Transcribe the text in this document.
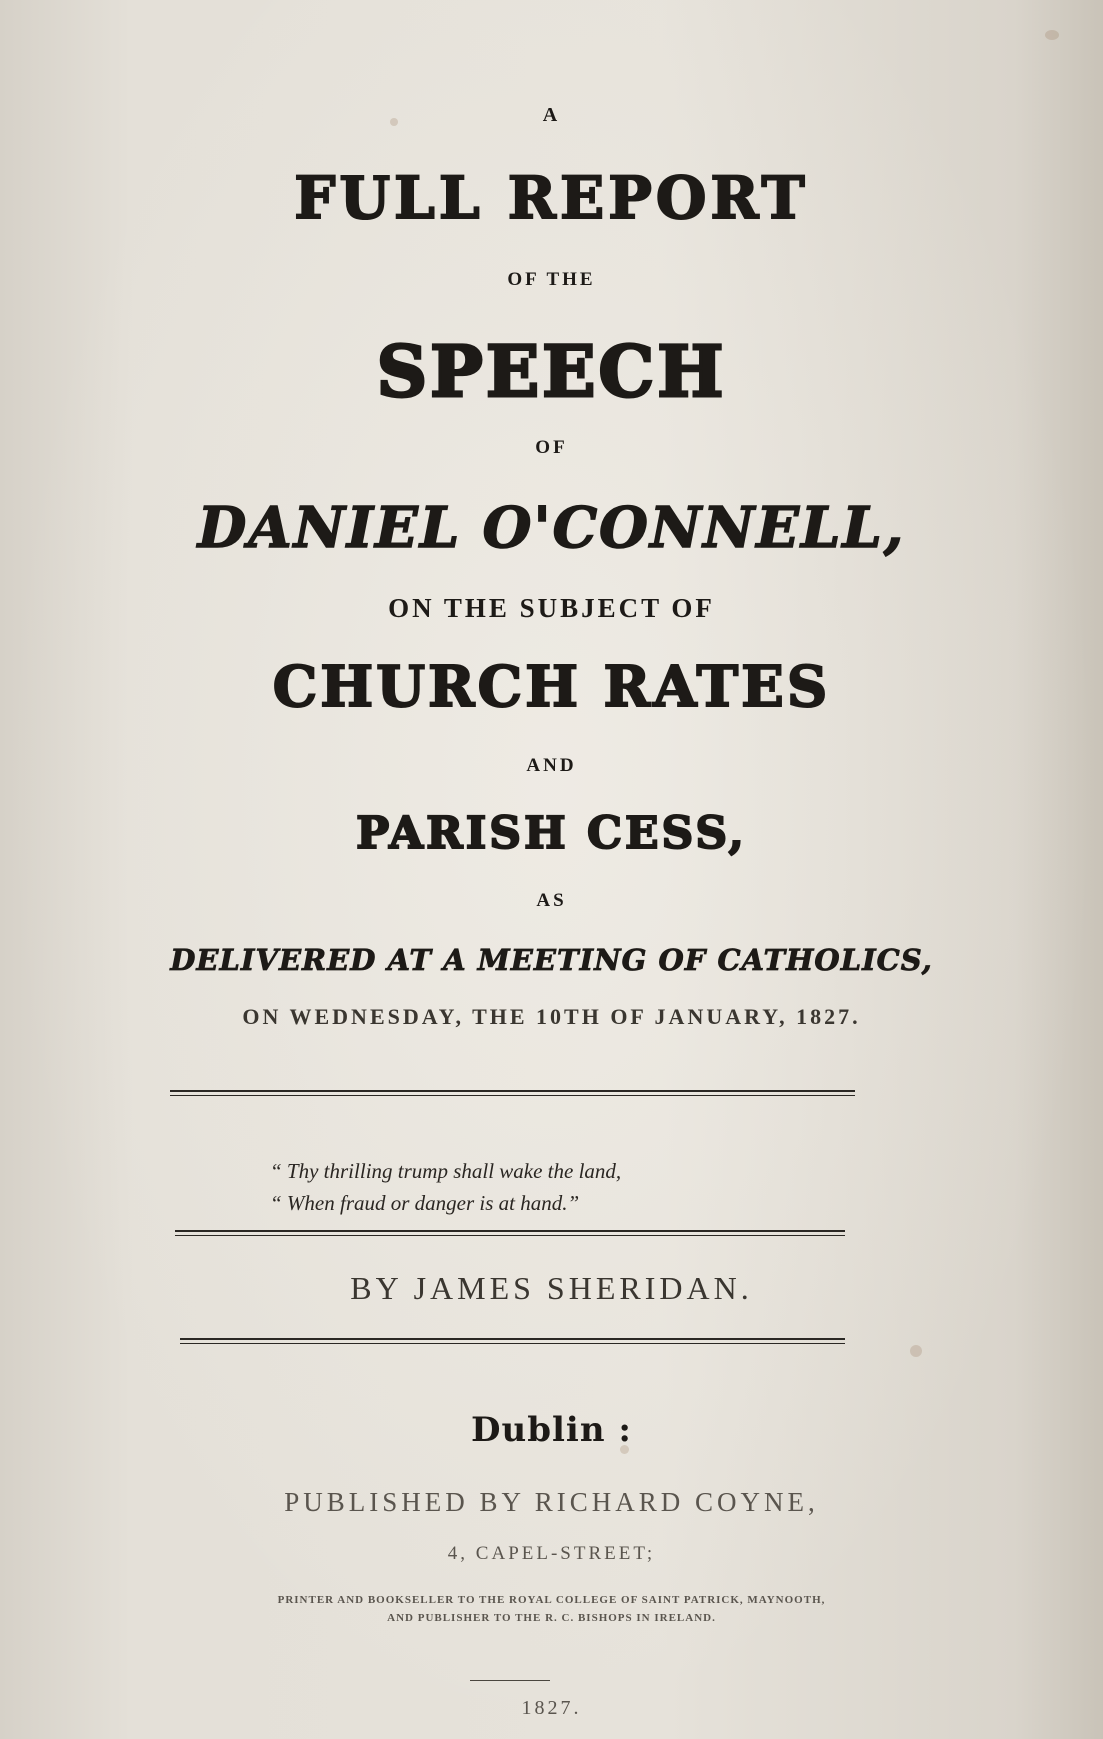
A

FULL REPORT

OF THE

SPEECH

OF

DANIEL O'CONNELL,

ON THE SUBJECT OF

CHURCH RATES

AND

PARISH CESS,

AS

DELIVERED AT A MEETING OF CATHOLICS,

ON WEDNESDAY, THE 10TH OF JANUARY, 1827.

“ Thy thrilling trump shall wake the land,

“ When fraud or danger is at hand.”

BY JAMES SHERIDAN.

Dublin :

PUBLISHED BY RICHARD COYNE,

4, CAPEL-STREET;

PRINTER AND BOOKSELLER TO THE ROYAL COLLEGE OF SAINT PATRICK, MAYNOOTH,

AND PUBLISHER TO THE R. C. BISHOPS IN IRELAND.

1827.
